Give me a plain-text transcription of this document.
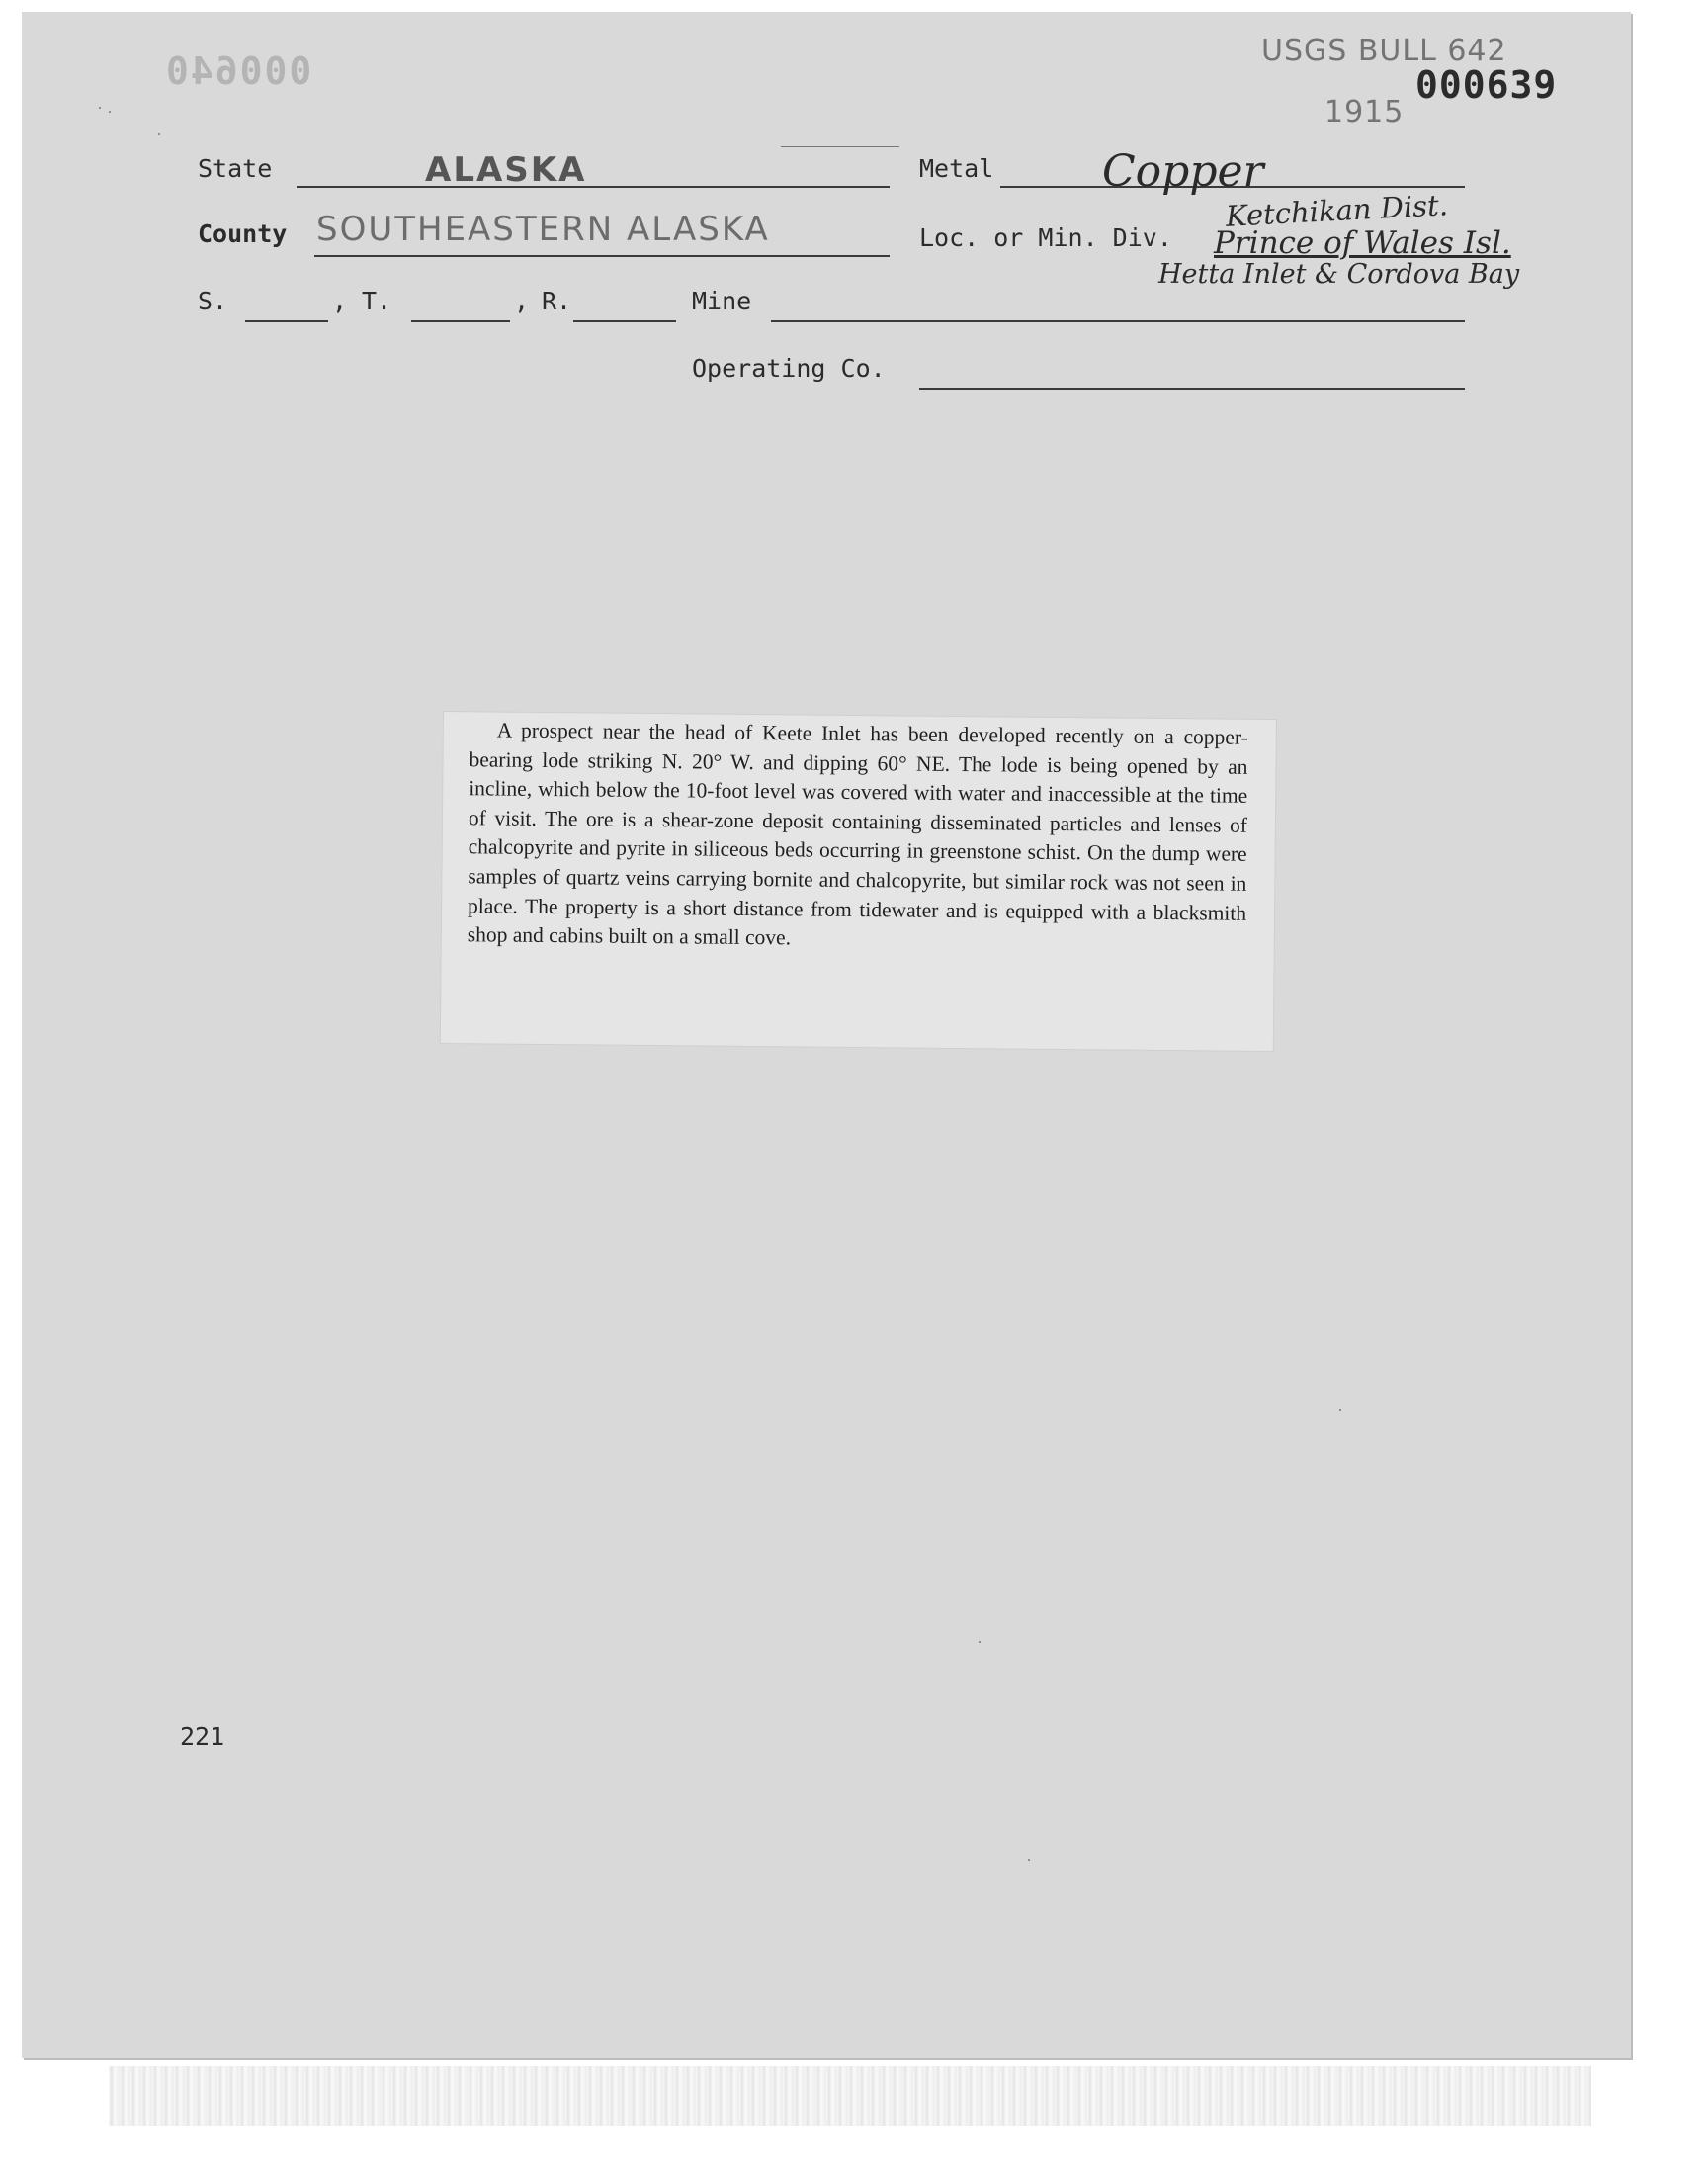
000640	USGS BULL 642
000639
1915
State	ALASKA	Metal Copper
County SOUTHEASTERN ALASKA	Loc. or Min. Div.
Ketchikan Dist.
Prince of Wales Isl.
Hetta Inlet & Cordova Bay
S.	, T.	, R.	Mine
Operating Co.
A prospect near the head of Keete Inlet has been developed recently on a copper-bearing lode striking N. 20° W. and dipping 60° NE. The lode is being opened by an incline, which below the 10-foot level was covered with water and inaccessible at the time of visit. The ore is a shear-zone deposit containing disseminated particles and lenses of chalcopyrite and pyrite in siliceous beds occurring in greenstone schist. On the dump were samples of quartz veins carrying bornite and chalcopyrite, but similar rock was not seen in place. The property is a short distance from tidewater and is equipped with a blacksmith shop and cabins built on a small cove.
221
